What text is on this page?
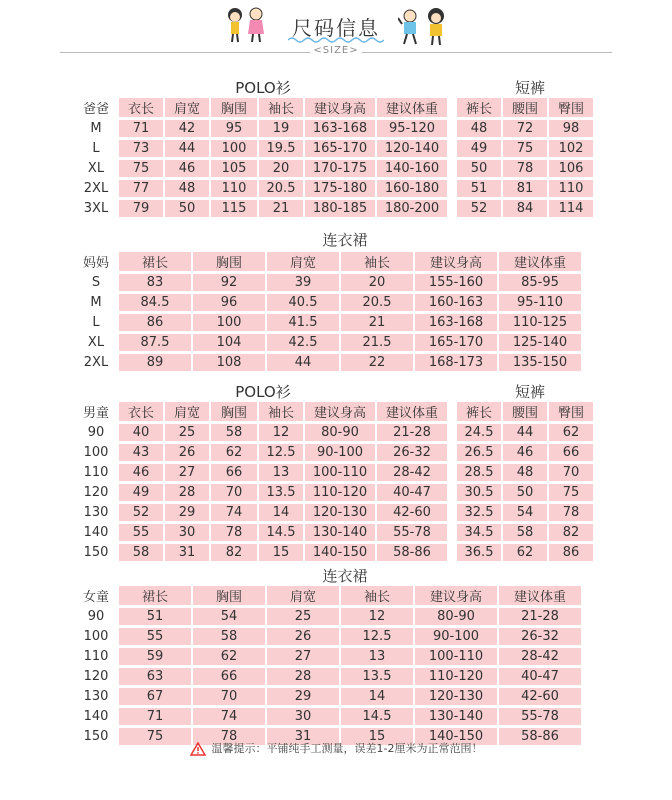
尺码信息
<SIZE>
POLO衫	短裤
爸爸	衣长	肩宽	胸围	袖长	建议身高	建议体重		裤长	腰围	臀围
M	71	42	95	19	163-168	95-120		48	72	98
L	73	44	100	19.5	165-170	120-140		49	75	102
XL	75	46	105	20	170-175	140-160		50	78	106
2XL	77	48	110	20.5	175-180	160-180		51	81	110
3XL	79	50	115	21	180-185	180-200		52	84	114
连衣裙
妈妈	裙长	胸围	肩宽	袖长	建议身高	建议体重
S	83	92	39	20	155-160	85-95
M	84.5	96	40.5	20.5	160-163	95-110
L	86	100	41.5	21	163-168	110-125
XL	87.5	104	42.5	21.5	165-170	125-140
2XL	89	108	44	22	168-173	135-150
POLO衫	短裤
男童	衣长	肩宽	胸围	袖长	建议身高	建议体重		裤长	腰围	臀围
90	40	25	58	12	80-90	21-28		24.5	44	62
100	43	26	62	12.5	90-100	26-32		26.5	46	66
110	46	27	66	13	100-110	28-42		28.5	48	70
120	49	28	70	13.5	110-120	40-47		30.5	50	75
130	52	29	74	14	120-130	42-60		32.5	54	78
140	55	30	78	14.5	130-140	55-78		34.5	58	82
150	58	31	82	15	140-150	58-86		36.5	62	86
连衣裙
女童	裙长	胸围	肩宽	袖长	建议身高	建议体重
90	51	54	25	12	80-90	21-28
100	55	58	26	12.5	90-100	26-32
110	59	62	27	13	100-110	28-42
120	63	66	28	13.5	110-120	40-47
130	67	70	29	14	120-130	42-60
140	71	74	30	14.5	130-140	55-78
150	75	78	31	15	140-150	58-86
温馨提示：平铺纯手工测量，误差1-2厘米为正常范围！
